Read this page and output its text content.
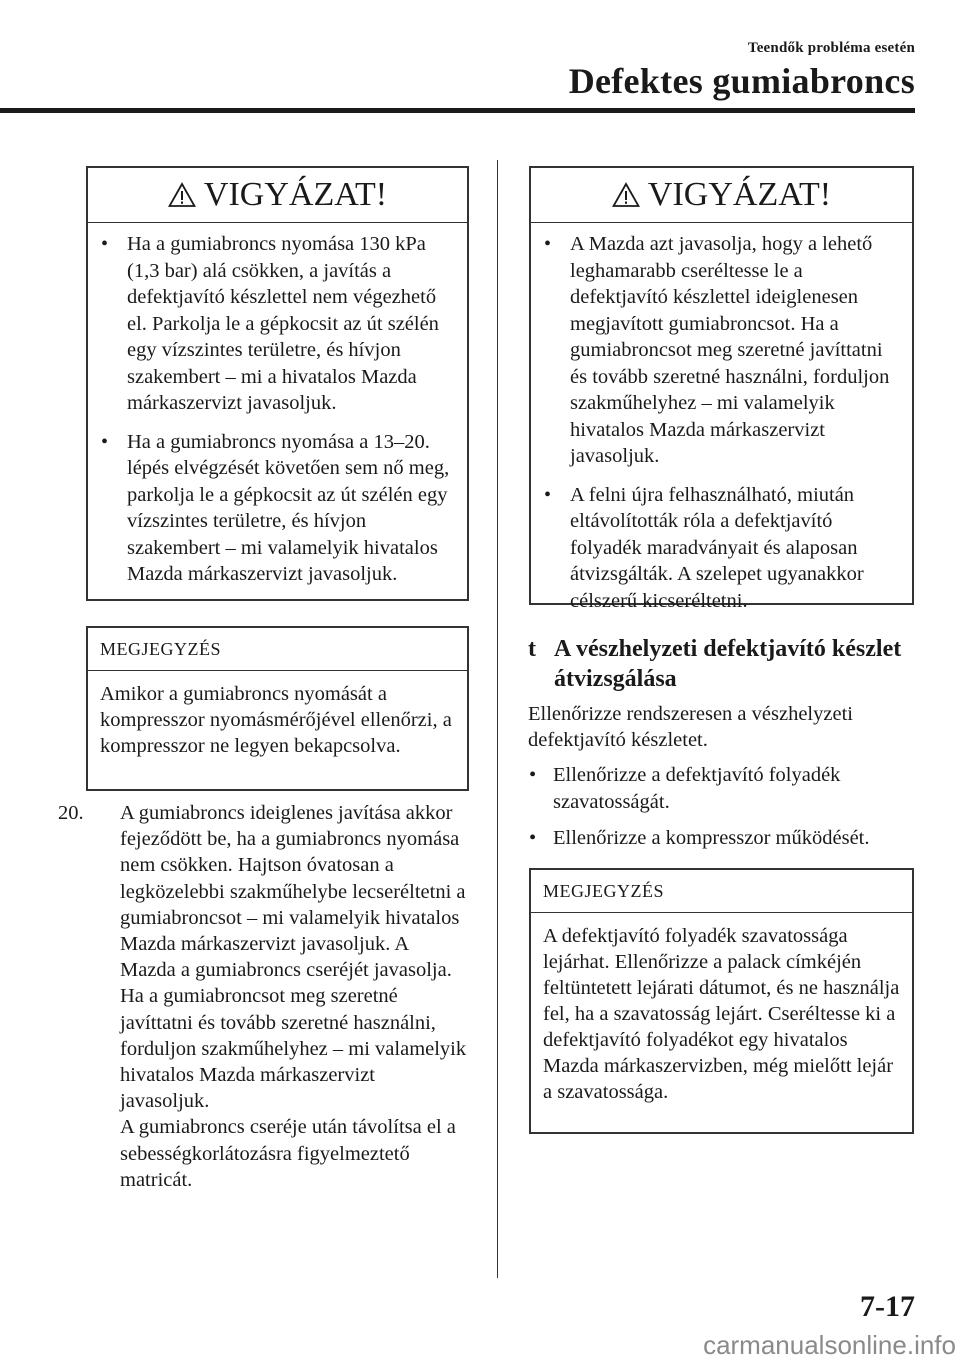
Teendők probléma esetén
Defektes gumiabroncs
VIGYÁZAT!
• Ha a gumiabroncs nyomása 130 kPa (1,3 bar) alá csökken, a javítás a defektjavító készlettel nem végezhető el. Parkolja le a gépkocsit az út szélén egy vízszintes területre, és hívjon szakembert – mi a hivatalos Mazda márkaszervizt javasoljuk.
• Ha a gumiabroncs nyomása a 13–20. lépés elvégzését követően sem nő meg, parkolja le a gépkocsit az út szélén egy vízszintes területre, és hívjon szakembert – mi valamelyik hivatalos Mazda márkaszervizt javasoljuk.
MEGJEGYZÉS
Amikor a gumiabroncs nyomását a kompresszor nyomásmérőjével ellenőrzi, a kompresszor ne legyen bekapcsolva.
20. A gumiabroncs ideiglenes javítása akkor fejeződött be, ha a gumiabroncs nyomása nem csökken. Hajtson óvatosan a legközelebbi szakműhelybe lecseréltetni a gumiabroncsot – mi valamelyik hivatalos Mazda márkaszervizt javasoljuk. A Mazda a gumiabroncs cseréjét javasolja. Ha a gumiabroncsot meg szeretné javíttatni és tovább szeretné használni, forduljon szakműhelyhez – mi valamelyik hivatalos Mazda márkaszervizt javasoljuk.
A gumiabroncs cseréje után távolítsa el a sebességkorlátozásra figyelmeztető matricát.
VIGYÁZAT!
• A Mazda azt javasolja, hogy a lehető leghamarabb cseréltesse le a defektjavító készlettel ideiglenesen megjavított gumiabroncsot. Ha a gumiabroncsot meg szeretné javíttatni és tovább szeretné használni, forduljon szakműhelyhez – mi valamelyik hivatalos Mazda márkaszervizt javasoljuk.
• A felni újra felhasználható, miután eltávolították róla a defektjavító folyadék maradványait és alaposan átvizsgálták. A szelepet ugyanakkor célszerű kicseréltetni.
t A vészhelyzeti defektjavító készlet átvizsgálása
Ellenőrizze rendszeresen a vészhelyzeti defektjavító készletet.
• Ellenőrizze a defektjavító folyadék szavatosságát.
• Ellenőrizze a kompresszor működését.
MEGJEGYZÉS
A defektjavító folyadék szavatossága lejárhat. Ellenőrizze a palack címkéjén feltüntetett lejárati dátumot, és ne használja fel, ha a szavatosság lejárt. Cseréltesse ki a defektjavító folyadékot egy hivatalos Mazda márkaszervizben, még mielőtt lejár a szavatossága.
7-17
carmanualsonline.info
